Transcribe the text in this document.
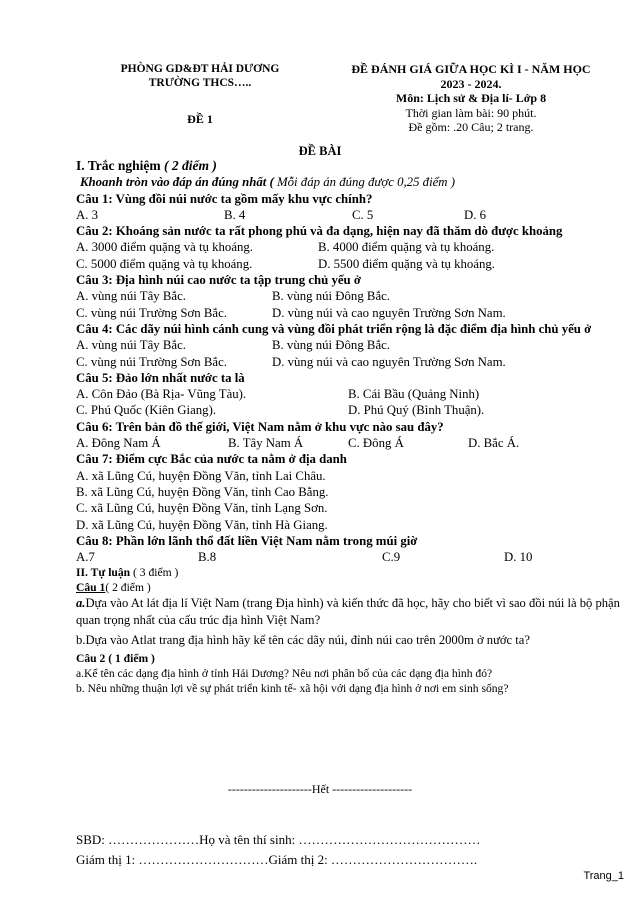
PHÒNG GD&ĐT HẢI DƯƠNG
TRƯỜNG THCS…..
ĐỀ 1
ĐỀ ĐÁNH GIÁ GIỮA HỌC KÌ I - NĂM HỌC
2023 - 2024.
Môn: Lịch sử & Địa lí- Lớp 8
Thời gian làm bài: 90 phút.
Đề gồm: .20 Câu; 2 trang.
ĐỀ BÀI
I. Trắc nghiệm ( 2 điểm )
Khoanh tròn vào đáp án đúng nhất ( Mỗi đáp án đúng được 0,25 điểm )
Câu 1: Vùng đồi núi nước ta gồm mấy khu vực chính?
A. 3	B. 4	C. 5	D. 6
Câu 2: Khoáng sản nước ta rất phong phú và đa dạng, hiện nay đã thăm dò được khoảng
A. 3000 điểm quặng và tụ khoáng.	B. 4000 điểm quặng và tụ khoáng.
C. 5000 điểm quặng và tụ khoáng.	D. 5500 điểm quặng và tụ khoáng.
Câu 3: Địa hình núi cao nước ta tập trung chủ yếu ở
A. vùng núi Tây Bắc.	B. vùng núi Đông Bắc.
C. vùng núi Trường Sơn Bắc.	D. vùng núi và cao nguyên Trường Sơn Nam.
Câu 4: Các dãy núi hình cánh cung và vùng đồi phát triển rộng là đặc điểm địa hình chủ yếu ở
A. vùng núi Tây Bắc.	B. vùng núi Đông Bắc.
C. vùng núi Trường Sơn Bắc.	D. vùng núi và cao nguyên Trường Sơn Nam.
Câu 5: Đảo lớn nhất nước ta là
A. Côn Đảo (Bà Rịa- Vũng Tàu).	B. Cái Bầu (Quảng Ninh)
C. Phú Quốc (Kiên Giang).	D. Phú Quý (Bình Thuận).
Câu 6: Trên bản đồ thế giới, Việt Nam nằm ở khu vực nào sau đây?
A. Đông Nam Á	B. Tây Nam Á	C. Đông Á	D. Bắc Á.
Câu 7: Điểm cực Bắc của nước ta nằm ở địa danh
A. xã Lũng Cú, huyện Đồng Văn, tỉnh Lai Châu.
B. xã Lũng Cú, huyện Đồng Văn, tỉnh Cao Bằng.
C. xã Lũng Cú, huyện Đồng Văn, tỉnh Lạng Sơn.
D. xã Lũng Cú, huyện Đồng Văn, tỉnh Hà Giang.
Câu 8: Phần lớn lãnh thổ đất liền Việt Nam nằm trong múi giờ
A.7	B.8	C.9	D. 10
II. Tự luận ( 3 điểm )
Câu 1( 2 điểm )
a.Dựa vào At lát địa lí Việt Nam (trang Địa hình) và kiến thức đã học, hãy cho biết vì sao đồi núi là bộ phận quan trọng nhất của cấu trúc địa hình Việt Nam?
b.Dựa vào Atlat trang địa hình hãy kể tên các dãy núi, đỉnh núi cao trên 2000m ở nước ta?
Câu 2 ( 1 điểm )
a.Kể tên các dạng địa hình ở tỉnh Hải Dương? Nêu nơi phân bố của các dạng địa hình đó?
b. Nêu những thuận lợi về sự phát triển kinh tế- xã hội với dạng địa hình ở nơi em sinh sống?
---------------------Hết --------------------
SBD: …………………Họ và tên thí sinh: ……………………………………
Giám thị 1: …………………………Giám thị 2: …………………………….
Trang_1
